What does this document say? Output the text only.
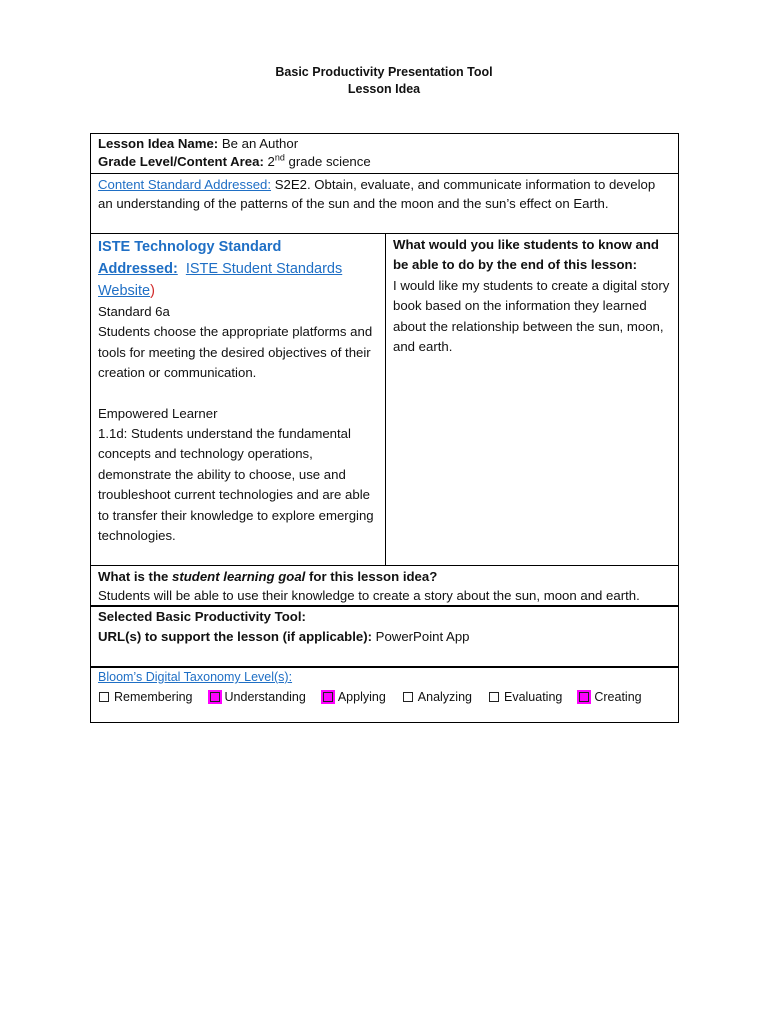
Basic Productivity Presentation Tool
Lesson Idea
Lesson Idea Name: Be an Author
Grade Level/Content Area: 2nd grade science
Content Standard Addressed: S2E2. Obtain, evaluate, and communicate information to develop an understanding of the patterns of the sun and the moon and the sun’s effect on Earth.
ISTE Technology Standard
Addressed: ISTE Student Standards
Website)
Standard 6a
Students choose the appropriate platforms and tools for meeting the desired objectives of their creation or communication.
Empowered Learner
1.1d: Students understand the fundamental concepts and technology operations, demonstrate the ability to choose, use and troubleshoot current technologies and are able to transfer their knowledge to explore emerging technologies.
What would you like students to know and be able to do by the end of this lesson:
I would like my students to create a digital story book based on the information they learned about the relationship between the sun, moon, and earth.
What is the student learning goal for this lesson idea?
Students will be able to use their knowledge to create a story about the sun, moon and earth.
Selected Basic Productivity Tool:
URL(s) to support the lesson (if applicable): PowerPoint App
Bloom’s Digital Taxonomy Level(s):
Remembering	Understanding	Applying	Analyzing	Evaluating	Creating
